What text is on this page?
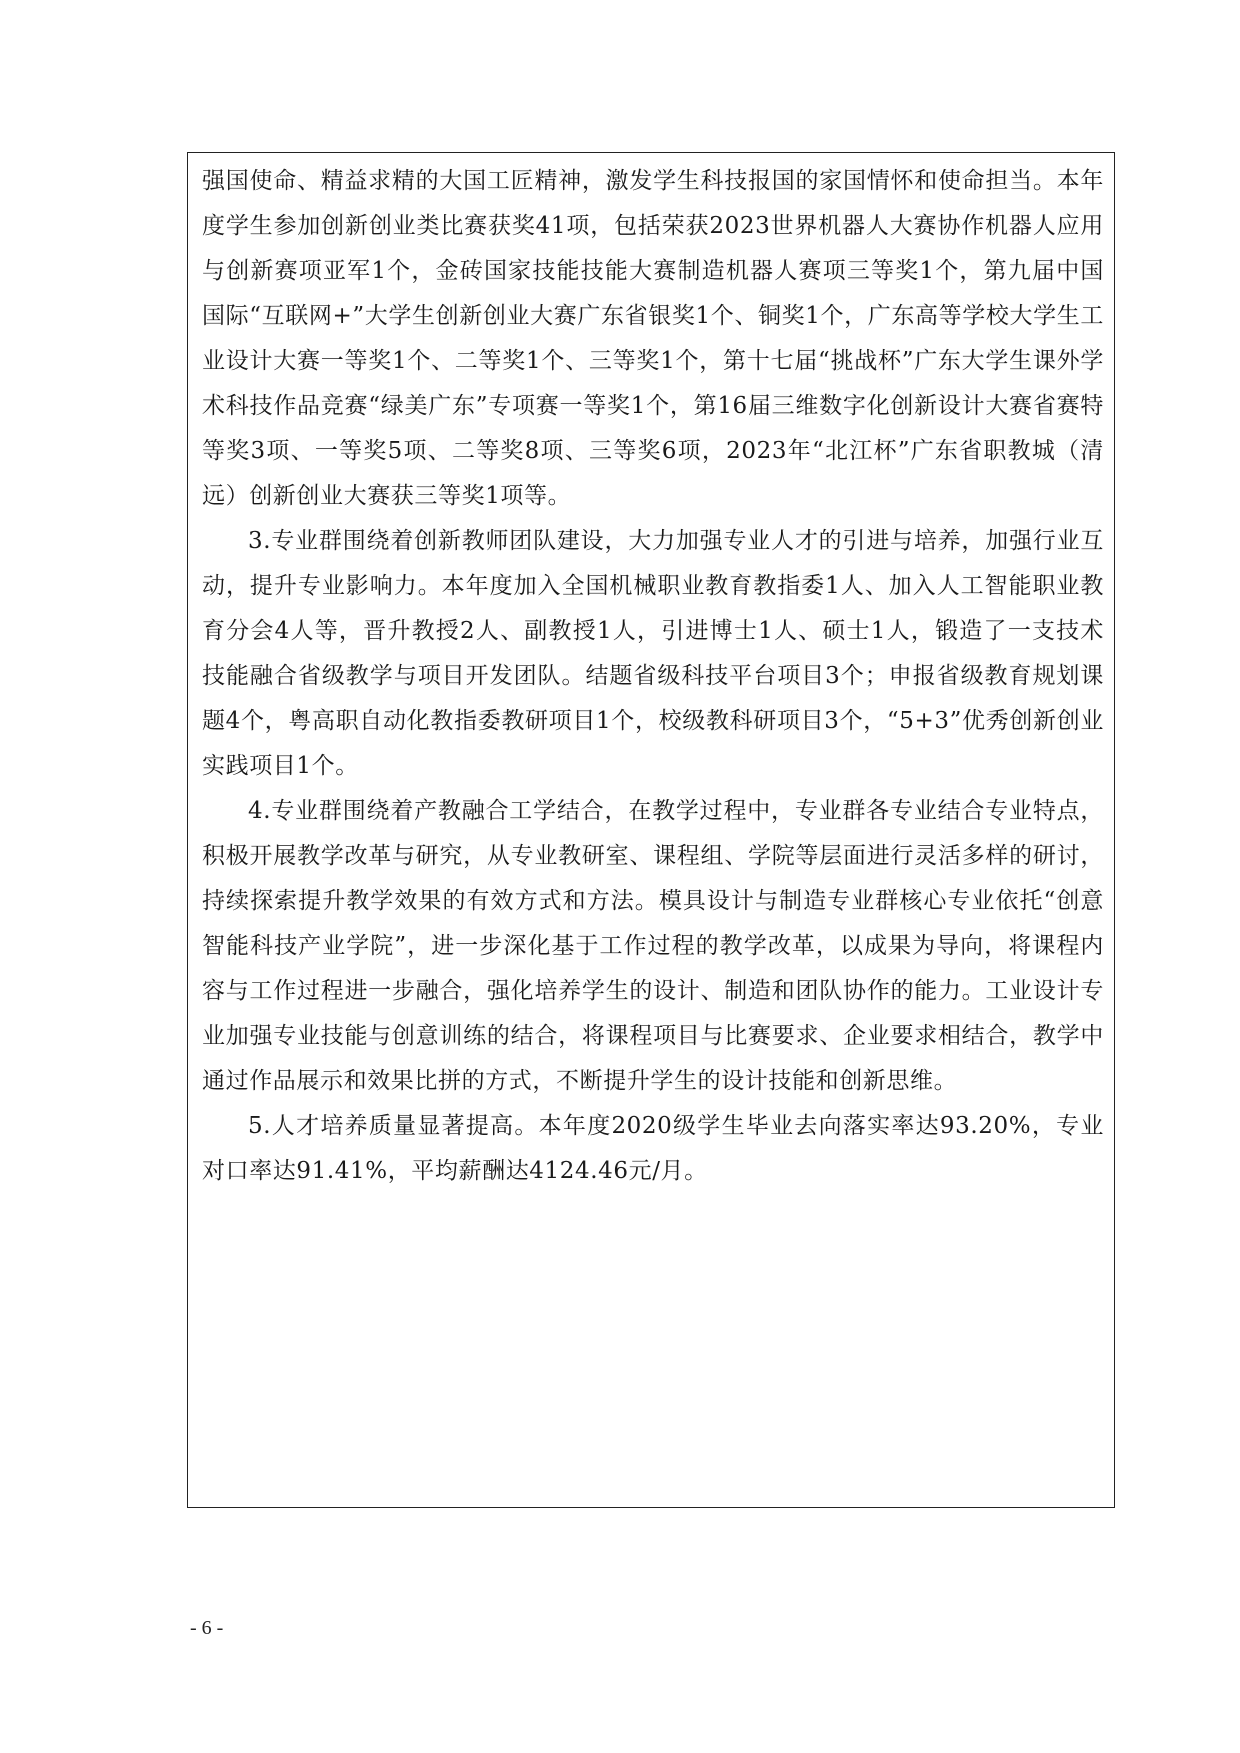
强国使命、精益求精的大国工匠精神，激发学生科技报国的家国情怀和使命担当。本年度学生参加创新创业类比赛获奖41项，包括荣获2023世界机器人大赛协作机器人应用与创新赛项亚军1个，金砖国家技能技能大赛制造机器人赛项三等奖1个，第九届中国国际“互联网+”大学生创新创业大赛广东省银奖1个、铜奖1个，广东高等学校大学生工业设计大赛一等奖1个、二等奖1个、三等奖1个，第十七届“挑战杯”广东大学生课外学术科技作品竞赛“绿美广东”专项赛一等奖1个，第16届三维数字化创新设计大赛省赛特等奖3项、一等奖5项、二等奖8项、三等奖6项，2023年“北江杯”广东省职教城（清远）创新创业大赛获三等奖1项等。

3.专业群围绕着创新教师团队建设，大力加强专业人才的引进与培养，加强行业互动，提升专业影响力。本年度加入全国机械职业教育教指委1人、加入人工智能职业教育分会4人等，晋升教授2人、副教授1人，引进博士1人、硕士1人，锻造了一支技术技能融合省级教学与项目开发团队。结题省级科技平台项目3个；申报省级教育规划课题4个，粤高职自动化教指委教研项目1个，校级教科研项目3个，“5+3”优秀创新创业实践项目1个。

4.专业群围绕着产教融合工学结合，在教学过程中，专业群各专业结合专业特点，积极开展教学改革与研究，从专业教研室、课程组、学院等层面进行灵活多样的研讨，持续探索提升教学效果的有效方式和方法。模具设计与制造专业群核心专业依托“创意智能科技产业学院”，进一步深化基于工作过程的教学改革，以成果为导向，将课程内容与工作过程进一步融合，强化培养学生的设计、制造和团队协作的能力。工业设计专业加强专业技能与创意训练的结合，将课程项目与比赛要求、企业要求相结合，教学中通过作品展示和效果比拼的方式，不断提升学生的设计技能和创新思维。

5.人才培养质量显著提高。本年度2020级学生毕业去向落实率达93.20%，专业对口率达91.41%，平均薪酬达4124.46元/月。

- 6 -
